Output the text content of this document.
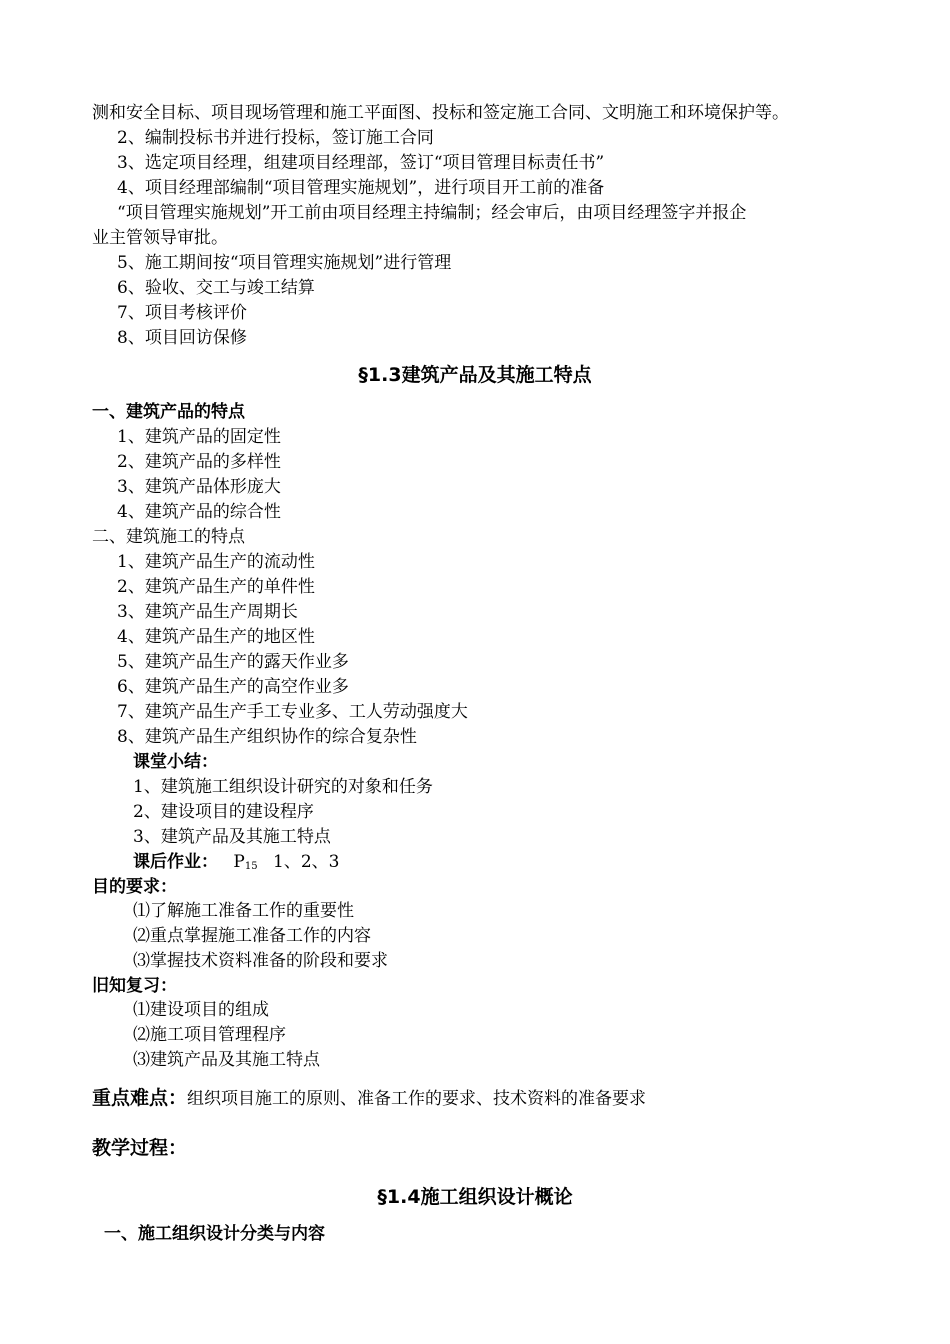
测和安全目标、项目现场管理和施工平面图、投标和签定施工合同、文明施工和环境保护等。
2、编制投标书并进行投标，签订施工合同
3、选定项目经理，组建项目经理部，签订“项目管理目标责任书”
4、项目经理部编制“项目管理实施规划”，进行项目开工前的准备
“项目管理实施规划”开工前由项目经理主持编制；经会审后，由项目经理签字并报企
业主管领导审批。
5、施工期间按“项目管理实施规划”进行管理
6、验收、交工与竣工结算
7、项目考核评价
8、项目回访保修
§1.3建筑产品及其施工特点
一、建筑产品的特点
1、建筑产品的固定性
2、建筑产品的多样性
3、建筑产品体形庞大
4、建筑产品的综合性
二、建筑施工的特点
1、建筑产品生产的流动性
2、建筑产品生产的单件性
3、建筑产品生产周期长
4、建筑产品生产的地区性
5、建筑产品生产的露天作业多
6、建筑产品生产的高空作业多
7、建筑产品生产手工专业多、工人劳动强度大
8、建筑产品生产组织协作的综合复杂性
课堂小结：
1、建筑施工组织设计研究的对象和任务
2、建设项目的建设程序
3、建筑产品及其施工特点
课后作业： $P_{15}$ 1、2、3
目的要求：
⑴了解施工准备工作的重要性
⑵重点掌握施工准备工作的内容
⑶掌握技术资料准备的阶段和要求
旧知复习：
⑴建设项目的组成
⑵施工项目管理程序
⑶建筑产品及其施工特点
重点难点：组织项目施工的原则、准备工作的要求、技术资料的准备要求
教学过程：
§1.4施工组织设计概论
一、施工组织设计分类与内容
